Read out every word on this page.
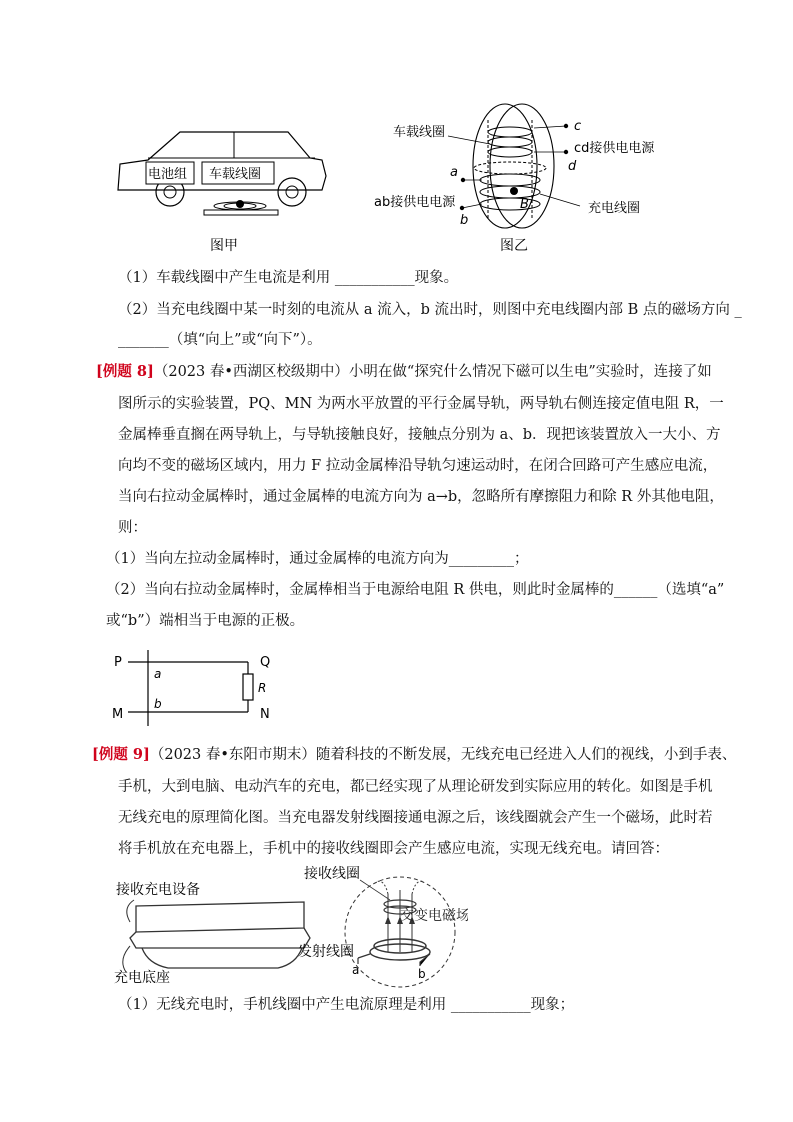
电池组 车载线圈
图甲
车载线圈	c
cd接供电电源
d
a
ab接供电电源
b
B	充电线圈
图乙
（1）车载线圈中产生电流是利用 ___________现象。
（2）当充电线圈中某一时刻的电流从 a 流入，b 流出时，则图中充电线圈内部 B 点的磁场方向 _
_______（填“向上”或“向下”）。
[例题 8]（2023 春•西湖区校级期中）小明在做“探究什么情况下磁可以生电”实验时，连接了如
图所示的实验装置，PQ、MN 为两水平放置的平行金属导轨，两导轨右侧连接定值电阻 R，一
金属棒垂直搁在两导轨上，与导轨接触良好，接触点分别为 a、b．现把该装置放入一大小、方
向均不变的磁场区域内，用力 F 拉动金属棒沿导轨匀速运动时，在闭合回路可产生感应电流，
当向右拉动金属棒时，通过金属棒的电流方向为 a→b，忽略所有摩擦阻力和除 R 外其他电阻，
则：
（1）当向左拉动金属棒时，通过金属棒的电流方向为_________；
（2）当向右拉动金属棒时，金属棒相当于电源给电阻 R 供电，则此时金属棒的______（选填“a”
或“b”）端相当于电源的正极。
P	Q
M	N
a
b
R
[例题 9]（2023 春•东阳市期末）随着科技的不断发展，无线充电已经进入人们的视线，小到手表、
手机，大到电脑、电动汽车的充电，都已经实现了从理论研发到实际应用的转化。如图是手机
无线充电的原理简化图。当充电器发射线圈接通电源之后，该线圈就会产生一个磁场，此时若
将手机放在充电器上，手机中的接收线圈即会产生感应电流，实现无线充电。请回答：
接收充电设备
充电底座
接收线圈
交变电磁场
发射线圈
a	b
（1）无线充电时，手机线圈中产生电流原理是利用 ___________现象；
